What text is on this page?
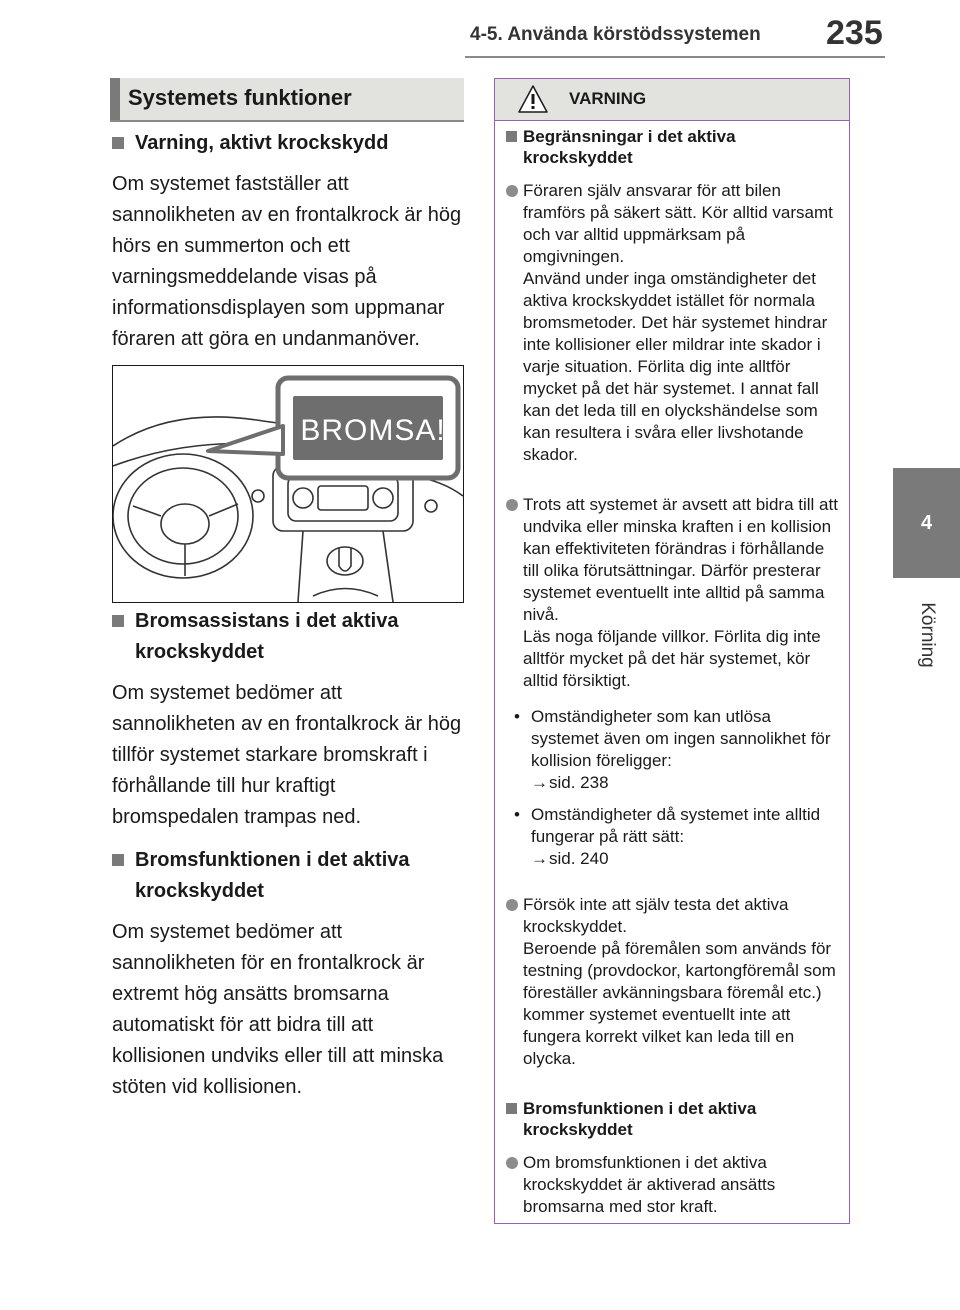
4-5. Använda körstödssystemen 235
4
Körning
Systemets funktioner
Varning, aktivt krockskydd
Om systemet fastställer att sannolikheten av en frontalkrock är hög hörs en summerton och ett varningsmeddelande visas på informationsdisplayen som uppmanar föraren att göra en undanmanöver.
BROMSA!
Bromsassistans i det aktiva krockskyddet
Om systemet bedömer att sannolikheten av en frontalkrock är hög tillför systemet starkare bromskraft i förhållande till hur kraftigt bromspedalen trampas ned.
Bromsfunktionen i det aktiva krockskyddet
Om systemet bedömer att sannolikheten för en frontalkrock är extremt hög ansätts bromsarna automatiskt för att bidra till att kollisionen undviks eller till att minska stöten vid kollisionen.
VARNING
Begränsningar i det aktiva krockskyddet
Föraren själv ansvarar för att bilen framförs på säkert sätt. Kör alltid varsamt och var alltid uppmärksam på omgivningen.
Använd under inga omständigheter det aktiva krockskyddet istället för normala bromsmetoder. Det här systemet hindrar inte kollisioner eller mildrar inte skador i varje situation. Förlita dig inte alltför mycket på det här systemet. I annat fall kan det leda till en olyckshändelse som kan resultera i svåra eller livshotande skador.
Trots att systemet är avsett att bidra till att undvika eller minska kraften i en kollision kan effektiviteten förändras i förhållande till olika förutsättningar. Därför presterar systemet eventuellt inte alltid på samma nivå.
Läs noga följande villkor. Förlita dig inte alltför mycket på det här systemet, kör alltid försiktigt.
• Omständigheter som kan utlösa systemet även om ingen sannolikhet för kollision föreligger:
→sid. 238
• Omständigheter då systemet inte alltid fungerar på rätt sätt:
→sid. 240
Försök inte att själv testa det aktiva krockskyddet.
Beroende på föremålen som används för testning (provdockor, kartongföremål som föreställer avkänningsbara föremål etc.) kommer systemet eventuellt inte att fungera korrekt vilket kan leda till en olycka.
Bromsfunktionen i det aktiva krockskyddet
Om bromsfunktionen i det aktiva krockskyddet är aktiverad ansätts bromsarna med stor kraft.
